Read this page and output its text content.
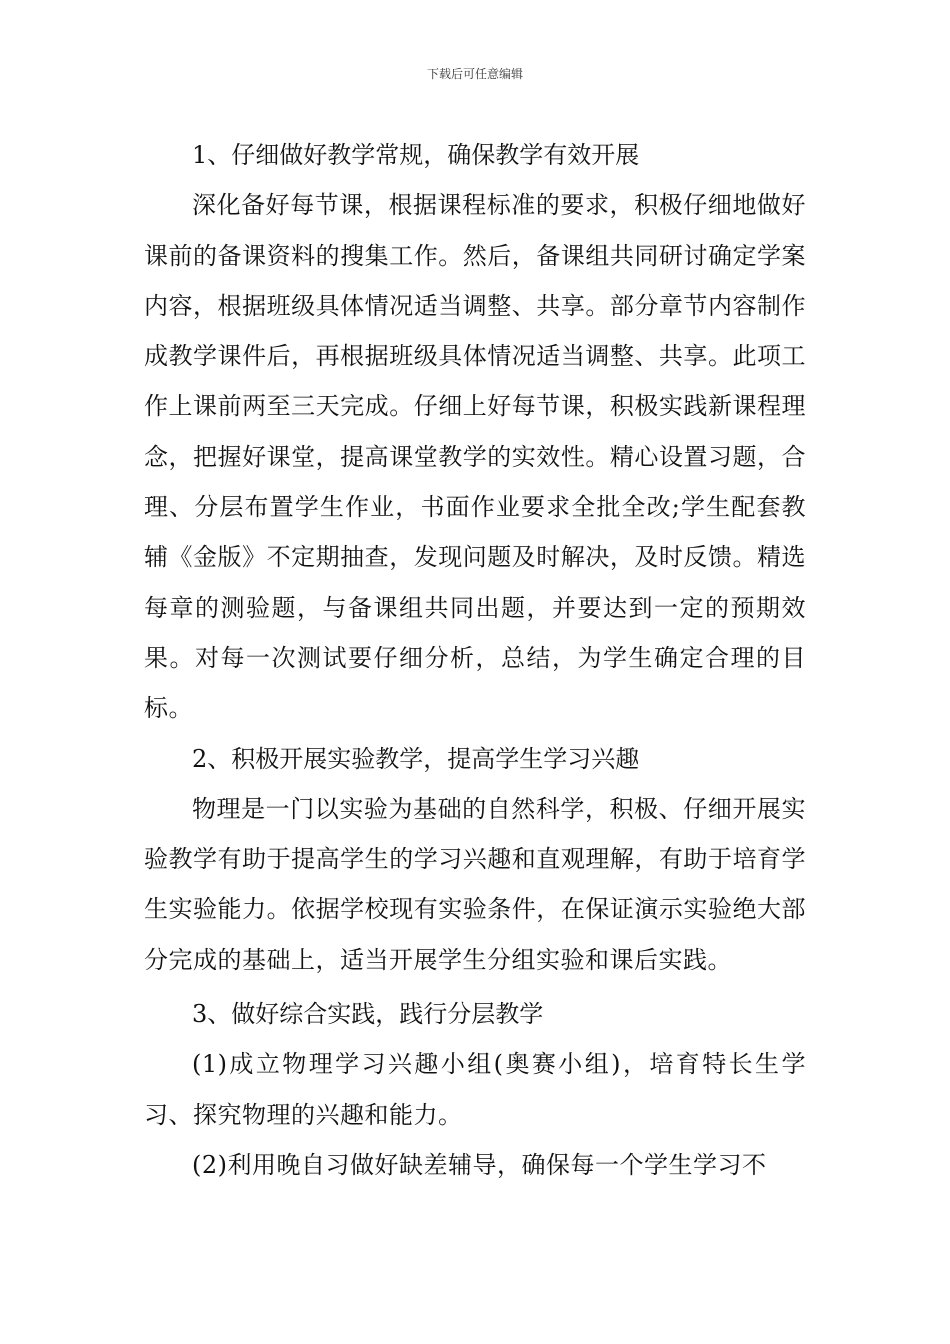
下载后可任意编辑

1、仔细做好教学常规，确保教学有效开展

深化备好每节课，根据课程标准的要求，积极仔细地做好课前的备课资料的搜集工作。然后，备课组共同研讨确定学案内容，根据班级具体情况适当调整、共享。部分章节内容制作成教学课件后，再根据班级具体情况适当调整、共享。此项工作上课前两至三天完成。仔细上好每节课，积极实践新课程理念，把握好课堂，提高课堂教学的实效性。精心设置习题，合理、分层布置学生作业，书面作业要求全批全改;学生配套教辅《金版》不定期抽查，发现问题及时解决，及时反馈。精选每章的测验题，与备课组共同出题，并要达到一定的预期效果。对每一次测试要仔细分析，总结，为学生确定合理的目标。

2、积极开展实验教学，提高学生学习兴趣

物理是一门以实验为基础的自然科学，积极、仔细开展实验教学有助于提高学生的学习兴趣和直观理解，有助于培育学生实验能力。依据学校现有实验条件，在保证演示实验绝大部分完成的基础上，适当开展学生分组实验和课后实践。

3、做好综合实践，践行分层教学

(1)成立物理学习兴趣小组(奥赛小组)，培育特长生学习、探究物理的兴趣和能力。

(2)利用晚自习做好缺差辅导，确保每一个学生学习不
